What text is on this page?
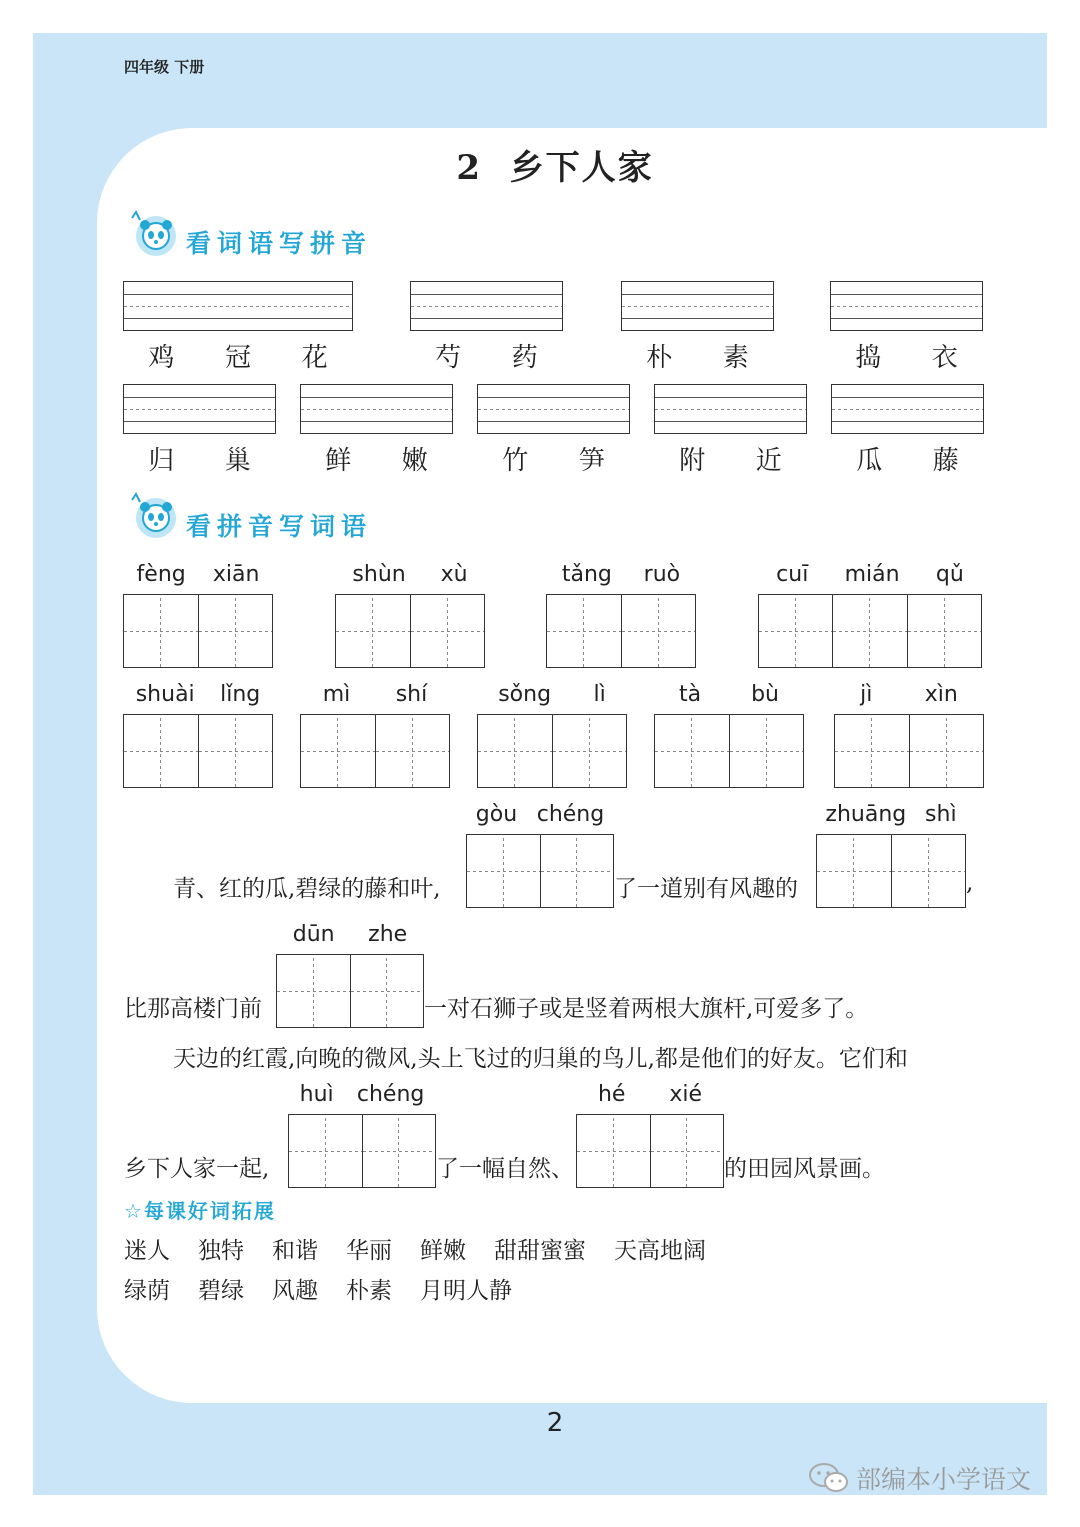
四年级 下册
2 乡下人家
看词语写拼音
鸡 冠 花	芍 药	朴 素	捣 衣
归 巢	鲜 嫩	竹 笋	附 近	瓜 藤
看拼音写词语
fèng xiān	shùn xù	tǎng ruò	cuī mián qǔ
shuài lǐng	mì shí	sǒng lì	tà bù	jì xìn
gòu chéng	zhuāng shì
青、红的瓜,碧绿的藤和叶,	了一道别有风趣的	,
dūn zhe
比那高楼门前	一对石狮子或是竖着两根大旗杆,可爱多了。
天边的红霞,向晚的微风,头上飞过的归巢的鸟儿,都是他们的好友。它们和
huì chéng	hé xié
乡下人家一起,	了一幅自然、	的田园风景画。
☆每课好词拓展
迷人 独特 和谐 华丽 鲜嫩 甜甜蜜蜜 天高地阔
绿荫 碧绿 风趣 朴素 月明人静
2
部编本小学语文
